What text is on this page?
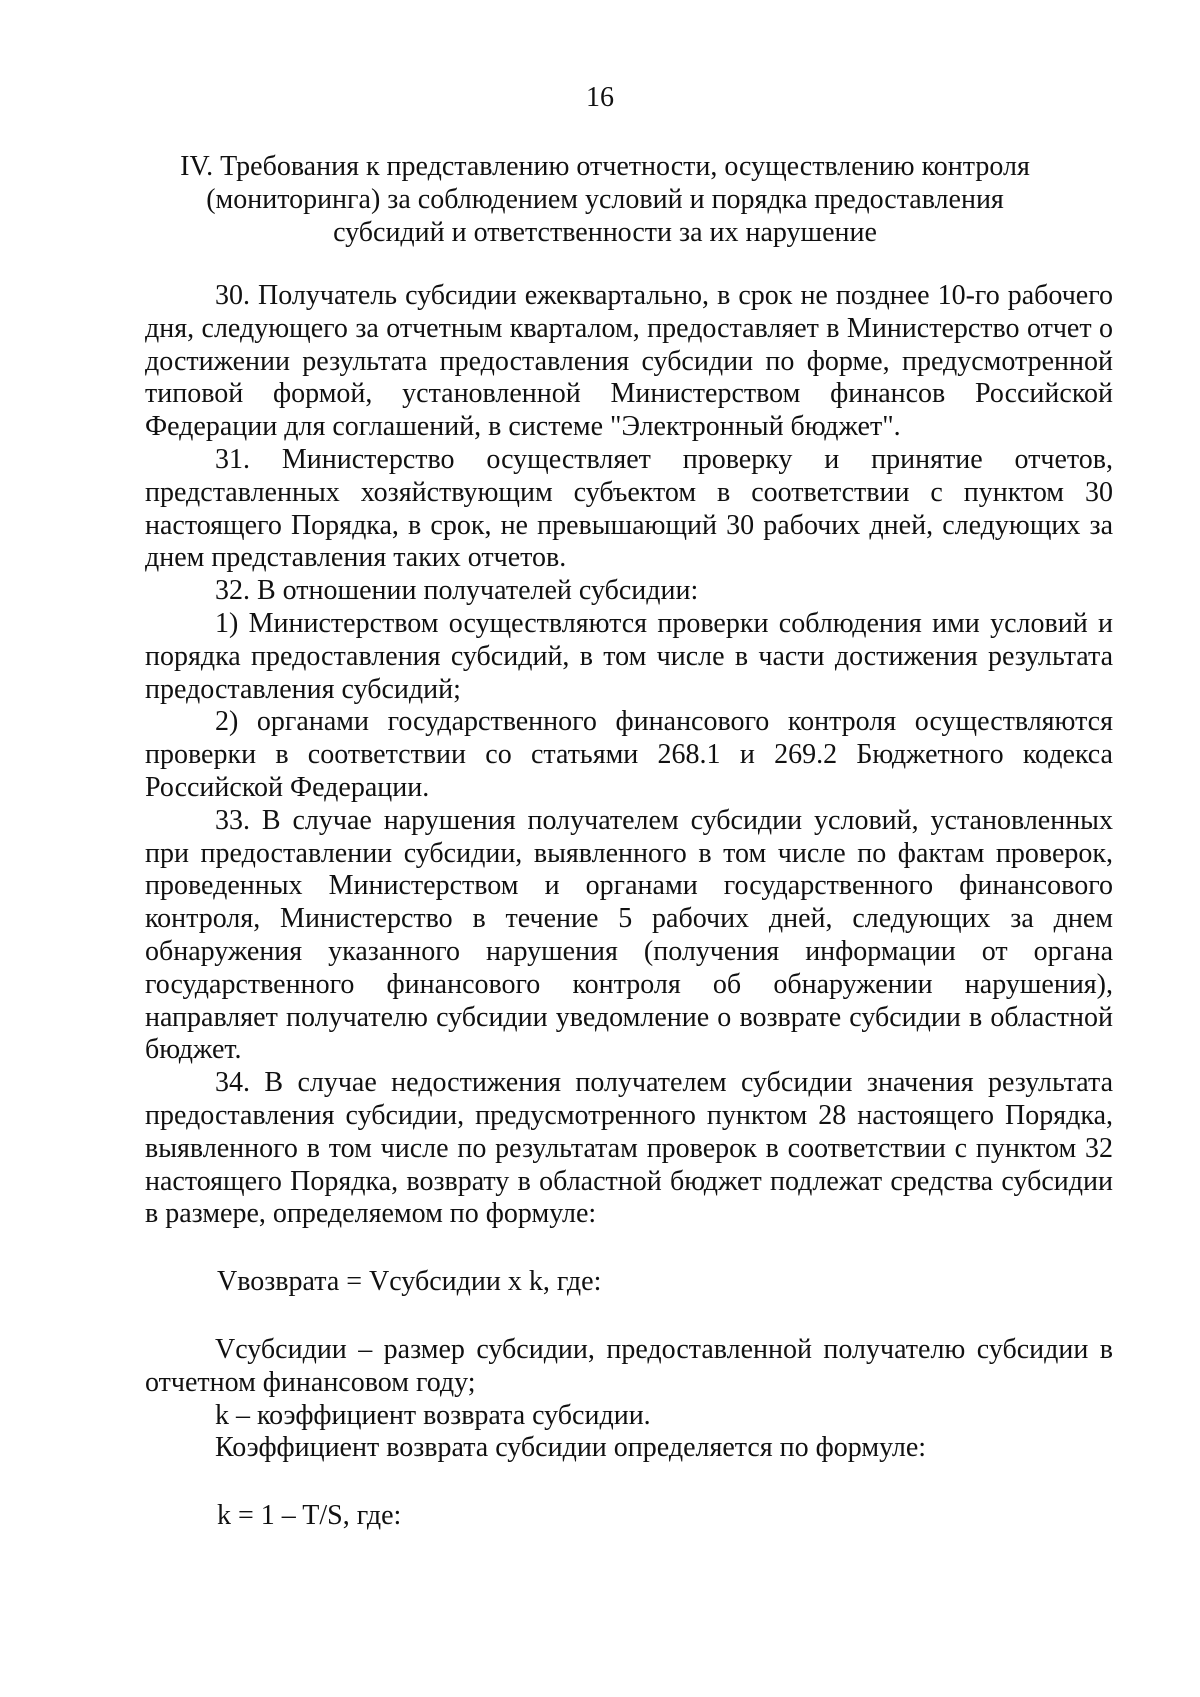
16
IV. Требования к представлению отчетности, осуществлению контроля
(мониторинга) за соблюдением условий и порядка предоставления
субсидий и ответственности за их нарушение

30. Получатель субсидии ежеквартально, в срок не позднее 10-го рабочего дня, следующего за отчетным кварталом, предоставляет в Министерство отчет о достижении результата предоставления субсидии по форме, предусмотренной типовой формой, установленной Министерством финансов Российской Федерации для соглашений, в системе "Электронный бюджет".

31. Министерство осуществляет проверку и принятие отчетов, представленных хозяйствующим субъектом в соответствии с пунктом 30 настоящего Порядка, в срок, не превышающий 30 рабочих дней, следующих за днем представления таких отчетов.

32. В отношении получателей субсидии:

1) Министерством осуществляются проверки соблюдения ими условий и порядка предоставления субсидий, в том числе в части достижения результата предоставления субсидий;

2) органами государственного финансового контроля осуществляются проверки в соответствии со статьями 268.1 и 269.2 Бюджетного кодекса Российской Федерации.

33. В случае нарушения получателем субсидии условий, установленных при предоставлении субсидии, выявленного в том числе по фактам проверок, проведенных Министерством и органами государственного финансового контроля, Министерство в течение 5 рабочих дней, следующих за днем обнаружения указанного нарушения (получения информации от органа государственного финансового контроля об обнаружении нарушения), направляет получателю субсидии уведомление о возврате субсидии в областной бюджет.

34. В случае недостижения получателем субсидии значения результата предоставления субсидии, предусмотренного пунктом 28 настоящего Порядка, выявленного в том числе по результатам проверок в соответствии с пунктом 32 настоящего Порядка, возврату в областной бюджет подлежат средства субсидии в размере, определяемом по формуле:

Vвозврата = Vсубсидии x k, где:

Vсубсидии – размер субсидии, предоставленной получателю субсидии в отчетном финансовом году;

k – коэффициент возврата субсидии.

Коэффициент возврата субсидии определяется по формуле:

k = 1 – T/S, где:
